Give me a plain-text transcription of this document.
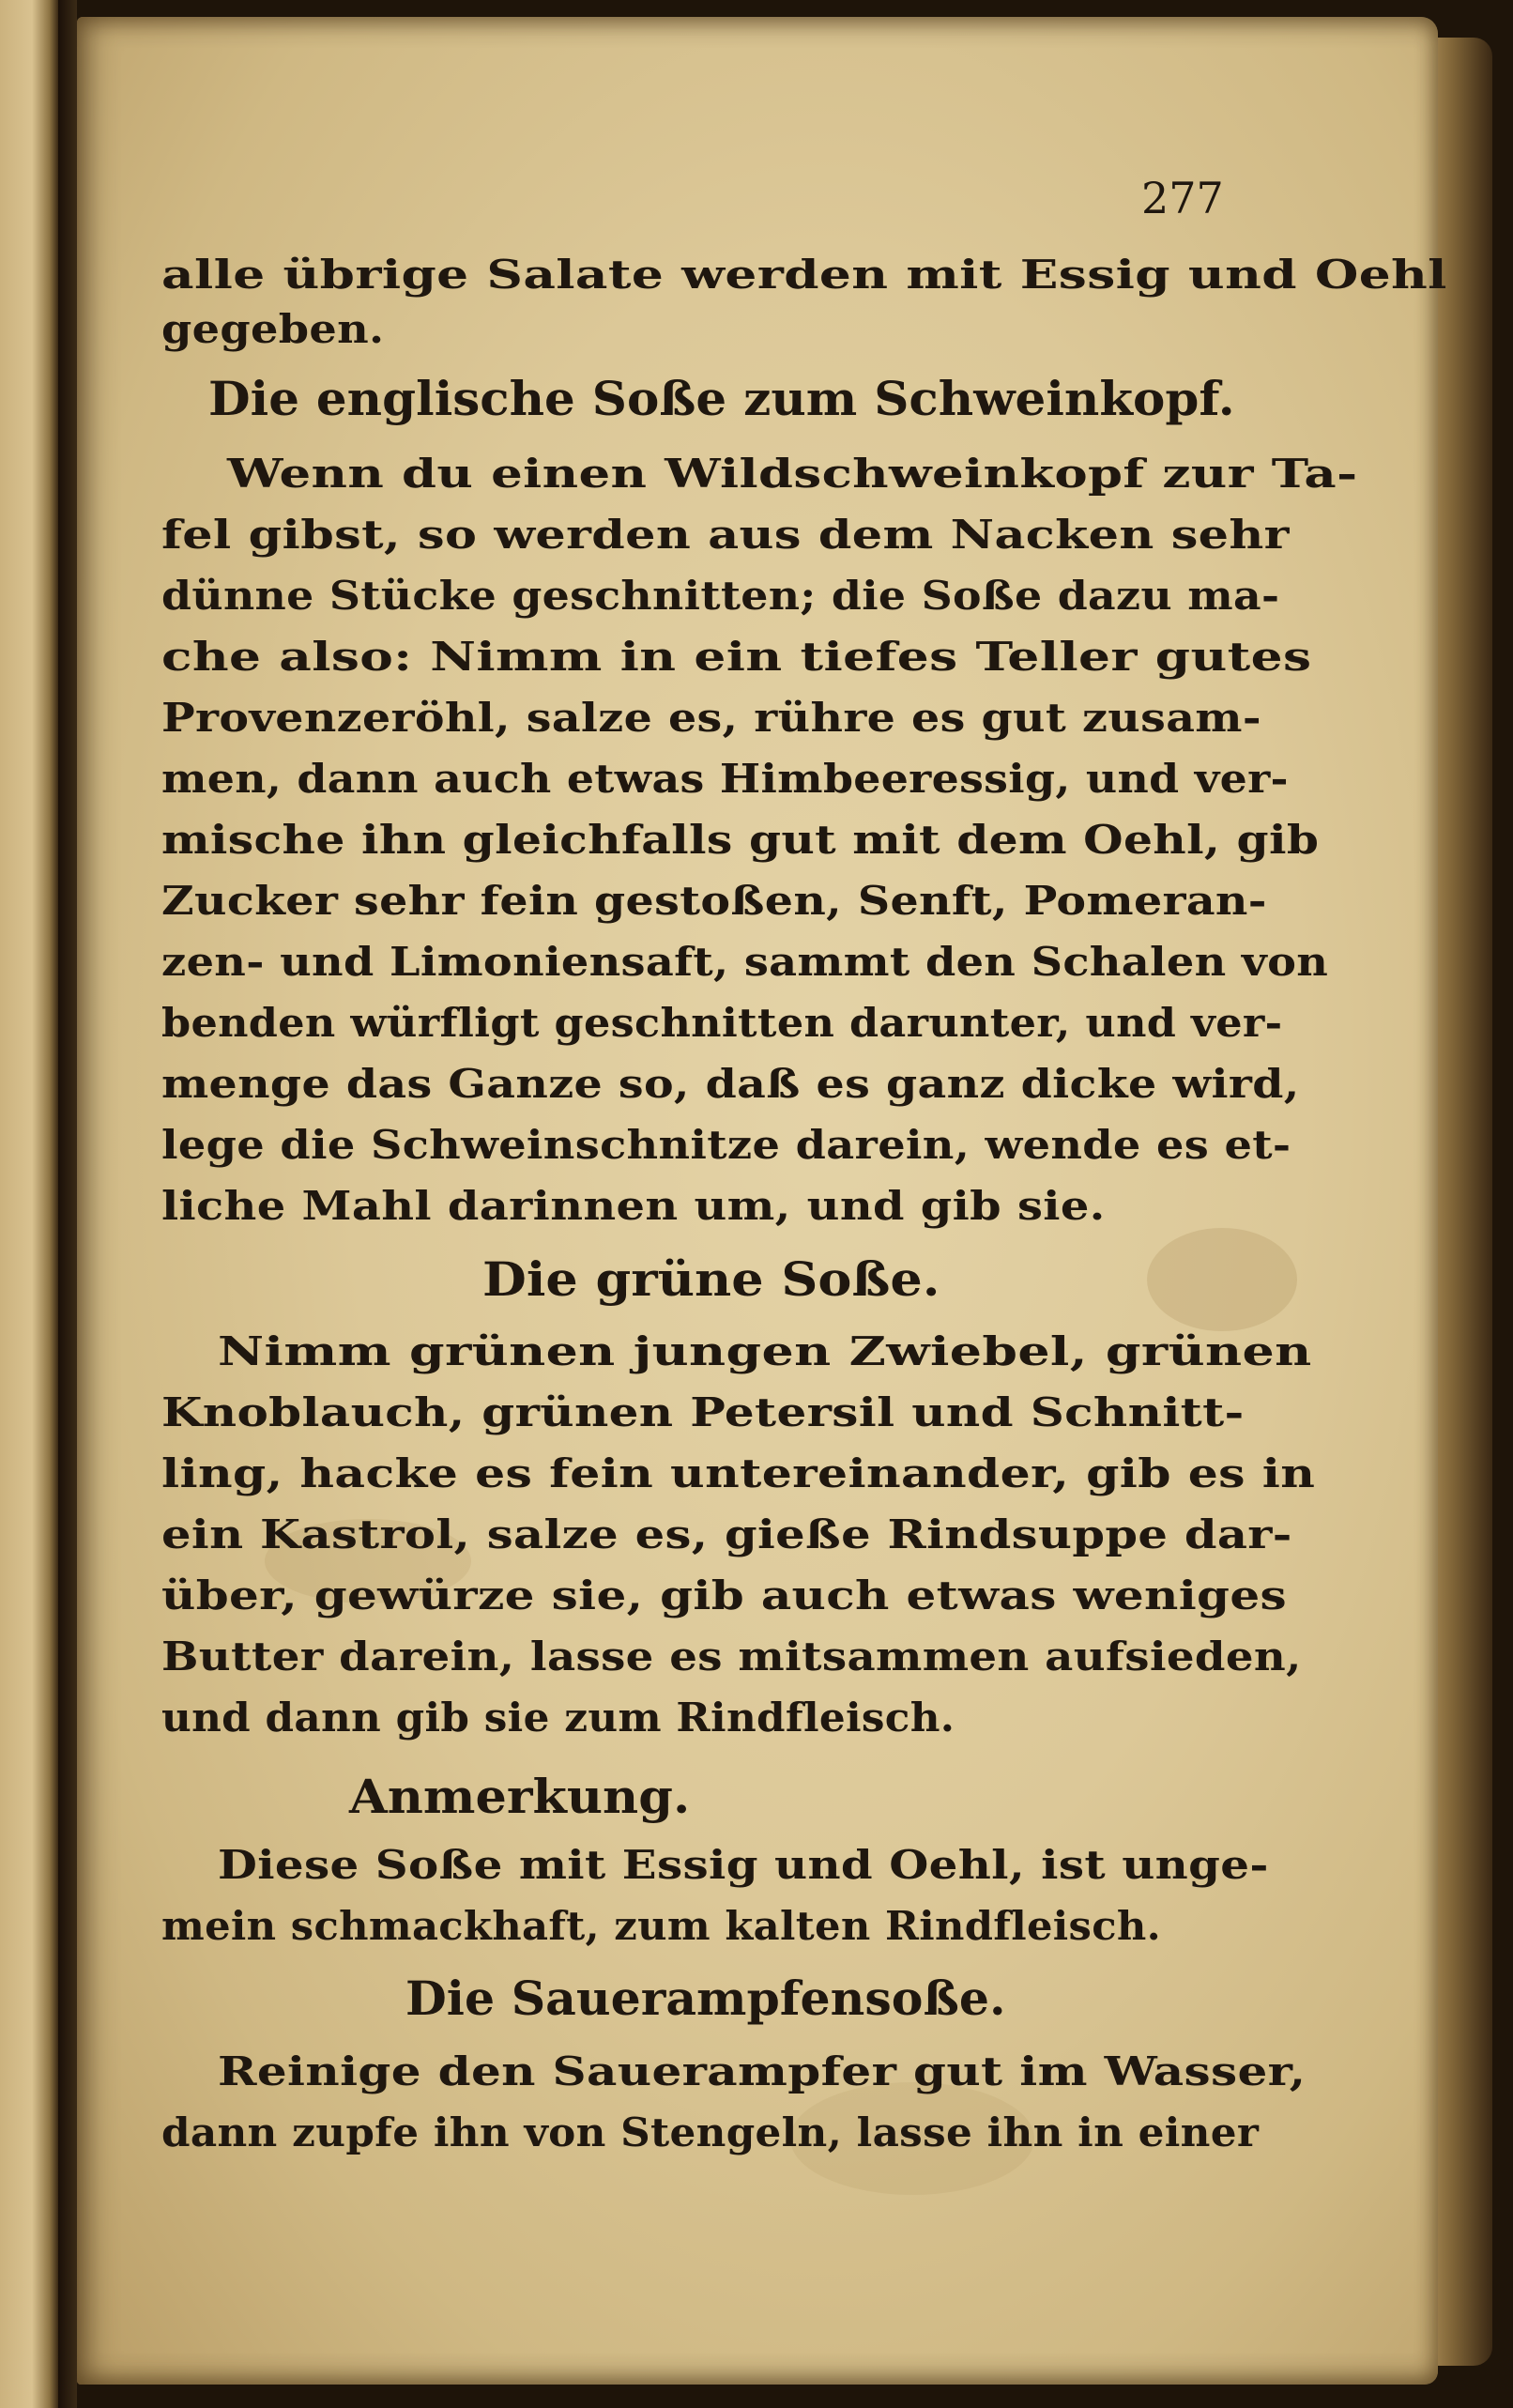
277
alle übrige Salate werden mit Essig und Oehl
gegeben.
Die englische Soße zum Schweinkopf.
Wenn du einen Wildschweinkopf zur Ta-
fel gibst, so werden aus dem Nacken sehr
dünne Stücke geschnitten; die Soße dazu ma-
che also: Nimm in ein tiefes Teller gutes
Provenzeröhl, salze es, rühre es gut zusam-
men, dann auch etwas Himbeeressig, und ver-
mische ihn gleichfalls gut mit dem Oehl, gib
Zucker sehr fein gestoßen, Senft, Pomeran-
zen- und Limoniensaft, sammt den Schalen von
benden würfligt geschnitten darunter, und ver-
menge das Ganze so, daß es ganz dicke wird,
lege die Schweinschnitze darein, wende es et-
liche Mahl darinnen um, und gib sie.
Die grüne Soße.
Nimm grünen jungen Zwiebel, grünen
Knoblauch, grünen Petersil und Schnitt-
ling, hacke es fein untereinander, gib es in
ein Kastrol, salze es, gieße Rindsuppe dar-
über, gewürze sie, gib auch etwas weniges
Butter darein, lasse es mitsammen aufsieden,
und dann gib sie zum Rindfleisch.
Anmerkung.
Diese Soße mit Essig und Oehl, ist unge-
mein schmackhaft, zum kalten Rindfleisch.
Die Sauerampfensoße.
Reinige den Sauerampfer gut im Wasser,
dann zupfe ihn von Stengeln, lasse ihn in einer
